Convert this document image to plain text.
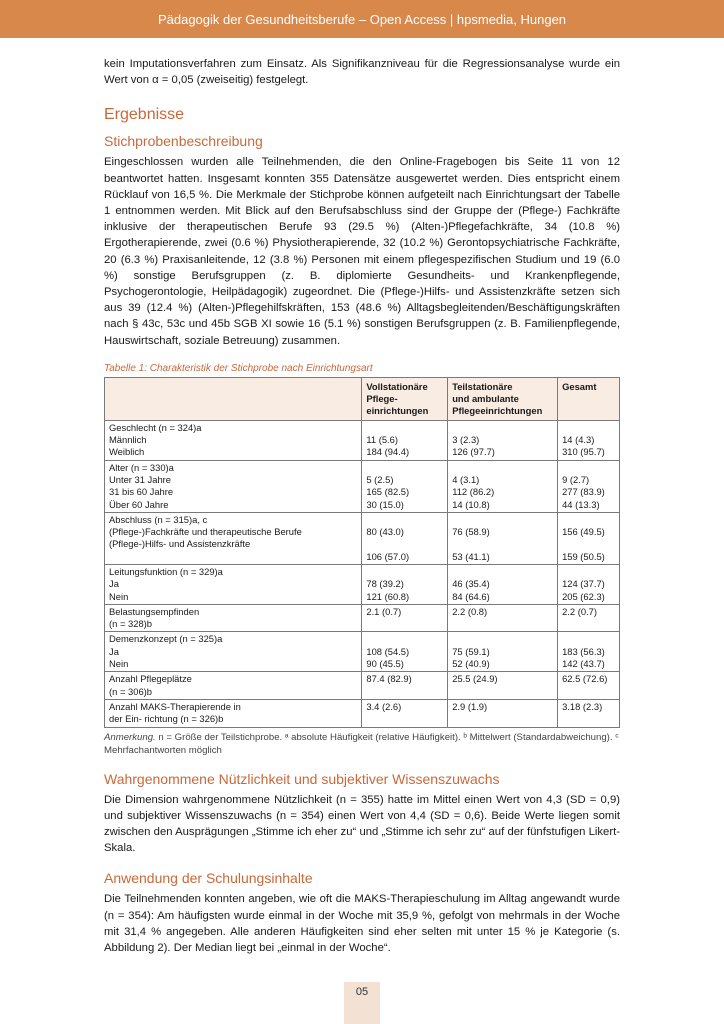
Pädagogik der Gesundheitsberufe – Open Access | hpsmedia, Hungen

kein Imputationsverfahren zum Einsatz. Als Signifikanzniveau für die Regressionsanalyse wurde ein Wert von α = 0,05 (zweiseitig) festgelegt.

Ergebnisse
Stichprobenbeschreibung

Eingeschlossen wurden alle Teilnehmenden, die den Online-Fragebogen bis Seite 11 von 12 beantwortet hatten. Insgesamt konnten 355 Datensätze ausgewertet werden. Dies entspricht einem Rücklauf von 16,5 %. Die Merkmale der Stichprobe können aufgeteilt nach Einrichtungsart der Tabelle 1 entnommen werden. Mit Blick auf den Berufsabschluss sind der Gruppe der (Pflege-) Fachkräfte inklusive der therapeutischen Berufe 93 (29.5 %) (Alten-)Pflegefachkräfte, 34 (10.8 %) Ergotherapierende, zwei (0.6 %) Physiotherapierende, 32 (10.2 %) Gerontopsychiatrische Fachkräfte, 20 (6.3 %) Praxisanleitende, 12 (3.8 %) Personen mit einem pflegespezifischen Studium und 19 (6.0 %) sonstige Berufsgruppen (z. B. diplomierte Gesundheits- und Krankenpflegende, Psychogerontologie, Heilpädagogik) zugeordnet. Die (Pflege-)Hilfs- und Assistenzkräfte setzen sich aus 39 (12.4 %) (Alten-)Pflegehilfskräften, 153 (48.6 %) Alltagsbegleitenden/Beschäftigungskräften nach § 43c, 53c und 45b SGB XI sowie 16 (5.1 %) sonstigen Berufsgruppen (z. B. Familienpflegende, Hauswirtschaft, soziale Betreuung) zusammen.

Tabelle 1: Charakteristik der Stichprobe nach Einrichtungsart

	Vollstationäre
Pflege-
einrichtungen	Teilstationäre
und ambulante
Pflegeeinrichtungen	Gesamt

Geschlecht (n = 324)a
Männlich
Weiblich	11 (5.6)
184 (94.4)	3 (2.3)
126 (97.7)	14 (4.3)
310 (95.7)

Alter (n = 330)a
Unter 31 Jahre
31 bis 60 Jahre
Über 60 Jahre	5 (2.5)
165 (82.5)
30 (15.0)	4 (3.1)
112 (86.2)
14 (10.8)	9 (2.7)
277 (83.9)
44 (13.3)

Abschluss (n = 315)a, c
(Pflege-)Fachkräfte und therapeutische Berufe
(Pflege-)Hilfs- und Assistenzkräfte	80 (43.0)
106 (57.0)	76 (58.9)
53 (41.1)	156 (49.5)
159 (50.5)

Leitungsfunktion (n = 329)a
Ja
Nein	78 (39.2)
121 (60.8)	46 (35.4)
84 (64.6)	124 (37.7)
205 (62.3)

Belastungsempfinden
(n = 328)b	2.1 (0.7)	2.2 (0.8)	2.2 (0.7)

Demenzkonzept (n = 325)a
Ja
Nein	108 (54.5)
90 (45.5)	75 (59.1)
52 (40.9)	183 (56.3)
142 (43.7)

Anzahl Pflegeplätze
(n = 306)b	87.4 (82.9)	25.5 (24.9)	62.5 (72.6)

Anzahl MAKS-Therapierende in
der Ein- richtung (n = 326)b	3.4 (2.6)	2.9 (1.9)	3.18 (2.3)

Anmerkung. n = Größe der Teilstichprobe. ᵃ absolute Häufigkeit (relative Häufigkeit). ᵇ Mittelwert (Standardabweichung). ᶜ Mehrfachantworten möglich

Wahrgenommene Nützlichkeit und subjektiver Wissenszuwachs

Die Dimension wahrgenommene Nützlichkeit (n = 355) hatte im Mittel einen Wert von 4,3 (SD = 0,9) und subjektiver Wissenszuwachs (n = 354) einen Wert von 4,4 (SD = 0,6). Beide Werte liegen somit zwischen den Ausprägungen „Stimme ich eher zu“ und „Stimme ich sehr zu“ auf der fünfstufigen Likert-Skala.

Anwendung der Schulungsinhalte

Die Teilnehmenden konnten angeben, wie oft die MAKS-Therapieschulung im Alltag angewandt wurde (n = 354): Am häufigsten wurde einmal in der Woche mit 35,9 %, gefolgt von mehrmals in der Woche mit 31,4 % angegeben. Alle anderen Häufigkeiten sind eher selten mit unter 15 % je Kategorie (s. Abbildung 2). Der Median liegt bei „einmal in der Woche“.

05
